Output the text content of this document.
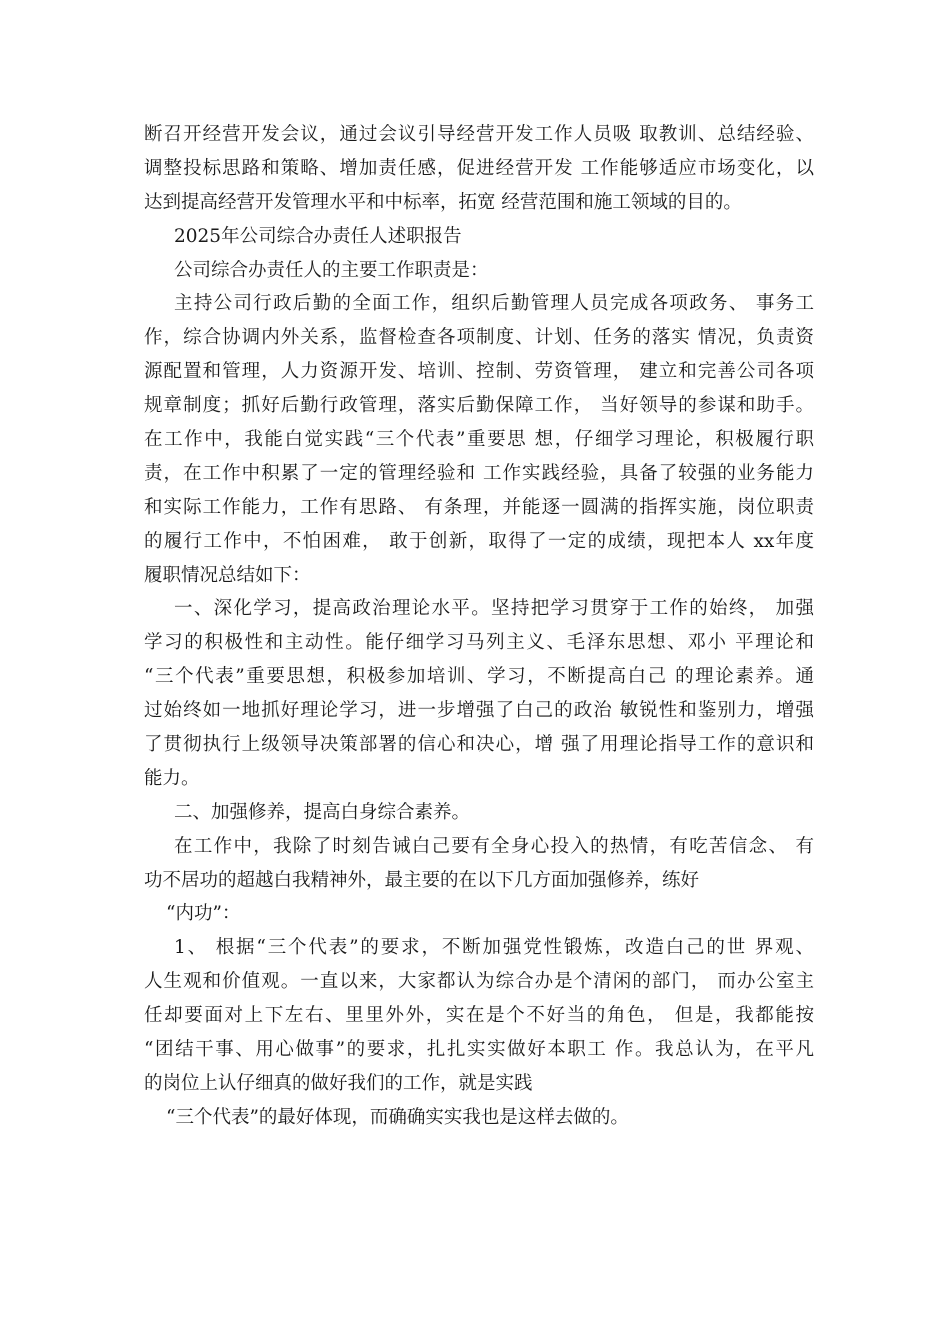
断召开经营开发会议，通过会议引导经营开发工作人员吸 取教训、总结经验、
调整投标思路和策略、增加责任感，促进经营开发 工作能够适应市场变化，以
达到提高经营开发管理水平和中标率，拓宽 经营范围和施工领域的目的。
2025年公司综合办责任人述职报告
公司综合办责任人的主要工作职责是：
主持公司行政后勤的全面工作，组织后勤管理人员完成各项政务、 事务工
作，综合协调内外关系，监督检查各项制度、计划、任务的落实 情况，负责资
源配置和管理，人力资源开发、培训、控制、劳资管理， 建立和完善公司各项
规章制度；抓好后勤行政管理，落实后勤保障工作， 当好领导的参谋和助手。
在工作中，我能白觉实践“三个代表”重要思 想，仔细学习理论，积极履行职
责，在工作中积累了一定的管理经验和 工作实践经验，具备了较强的业务能力
和实际工作能力，工作有思路、 有条理，并能逐一圆满的指挥实施，岗位职责
的履行工作中，不怕困难， 敢于创新，取得了一定的成绩，现把本人 xx年度
履职情况总结如下：
一、深化学习，提高政治理论水平。坚持把学习贯穿于工作的始终， 加强
学习的积极性和主动性。能仔细学习马列主义、毛泽东思想、邓小 平理论和
“三个代表”重要思想，积极参加培训、学习，不断提高白己 的理论素养。通
过始终如一地抓好理论学习，进一步增强了白己的政治 敏锐性和鉴别力，增强
了贯彻执行上级领导决策部署的信心和决心，增 强了用理论指导工作的意识和
能力。
二、加强修养，提高白身综合素养。
在工作中，我除了时刻告诫白己要有全身心投入的热情，有吃苦信念、 有
功不居功的超越白我精神外，最主要的在以下几方面加强修养，练好
“内功”：
1、 根据“三个代表”的要求，不断加强党性锻炼，改造白己的世 界观、
人生观和价值观。一直以来，大家都认为综合办是个清闲的部门， 而办公室主
任却要面对上下左右、里里外外，实在是个不好当的角色， 但是，我都能按
“团结干事、用心做事”的要求，扎扎实实做好本职工 作。我总认为，在平凡
的岗位上认仔细真的做好我们的工作，就是实践
“三个代表”的最好体现，而确确实实我也是这样去做的。
